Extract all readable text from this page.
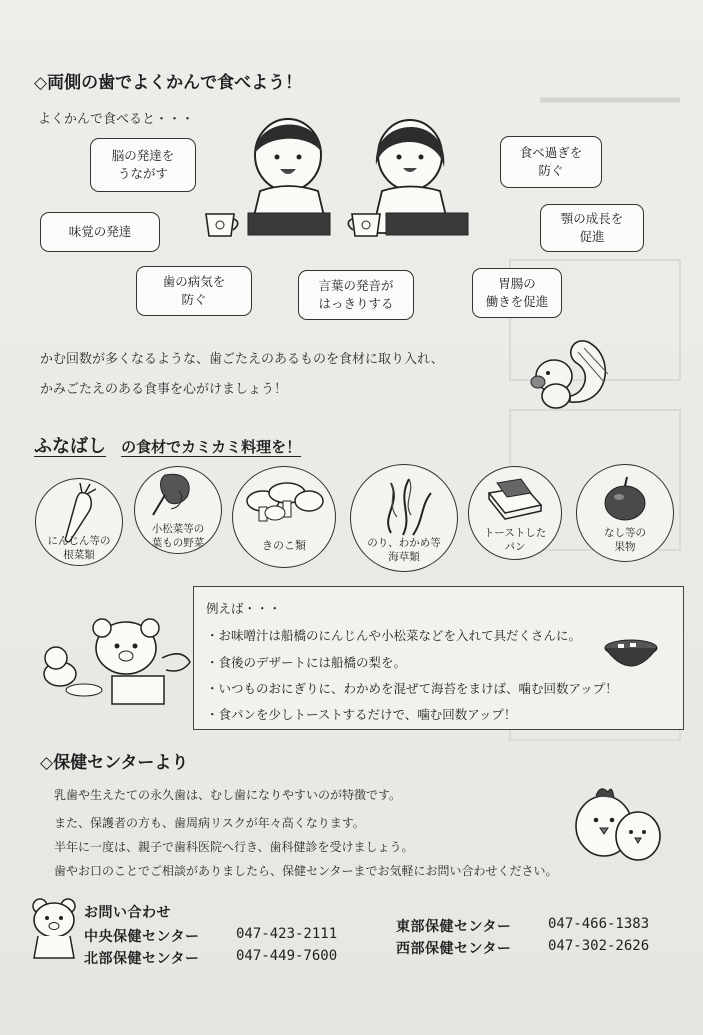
◇両側の歯でよくかんで食べよう！
よくかんで食べると・・・
脳の発達を
うながす
味覚の発達
歯の病気を
防ぐ
言葉の発音が
はっきりする
食べ過ぎを
防ぐ
顎の成長を
促進
胃腸の
働きを促進
かむ回数が多くなるような、歯ごたえのあるものを食材に取り入れ、
かみごたえのある食事を心がけましょう！
ふなばし の食材でカミカミ料理を！
にんじん等の
根菜類
小松菜等の
葉もの野菜	きのこ類	のり、わかめ等
海草類
トーストした
パン
なし等の
果物
例えば・・・
・お味噌汁は船橋のにんじんや小松菜などを入れて具だくさんに。
・食後のデザートには船橋の梨を。
・いつものおにぎりに、わかめを混ぜて海苔をまけば、噛む回数アップ！
・食パンを少しトーストするだけで、噛む回数アップ！
◇保健センターより
乳歯や生えたての永久歯は、むし歯になりやすいのが特徴です。
また、保護者の方も、歯周病リスクが年々高くなります。
半年に一度は、親子で歯科医院へ行き、歯科健診を受けましょう。
歯やお口のことでご相談がありましたら、保健センターまでお気軽にお問い合わせください。
お問い合わせ
中央保健センター	047-423-2111
北部保健センター	047-449-7600
東部保健センター	047-466-1383
西部保健センター	047-302-2626
